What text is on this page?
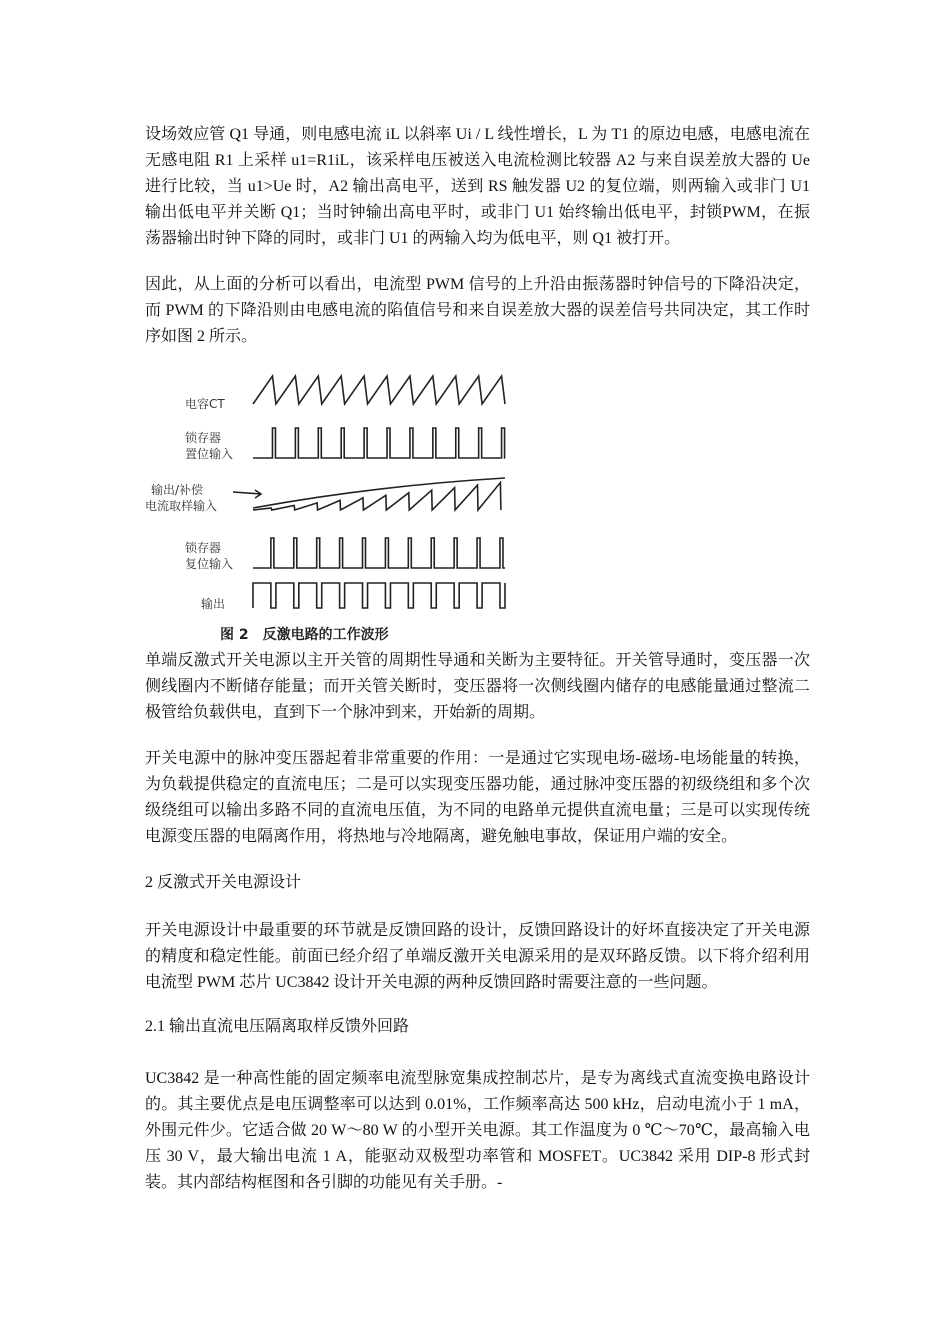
设场效应管 Q1 导通，则电感电流 iL 以斜率 Ui / L 线性增长，L 为 T1 的原边电感，电感电流在无感电阻 R1 上采样 u1=R1iL，该采样电压被送入电流检测比较器 A2 与来自误差放大器的 Ue 进行比较，当 u1>Ue 时，A2 输出高电平，送到 RS 触发器 U2 的复位端，则两输入或非门 U1 输出低电平并关断 Q1；当时钟输出高电平时，或非门 U1 始终输出低电平，封锁PWM，在振荡器输出时钟下降的同时，或非门 U1 的两输入均为低电平，则 Q1 被打开。

因此，从上面的分析可以看出，电流型 PWM 信号的上升沿由振荡器时钟信号的下降沿决定，而 PWM 的下降沿则由电感电流的陷值信号和来自误差放大器的误差信号共同决定，其工作时序如图 2 所示。

电容CT
锁存器
置位输入
输出/补偿
电流取样输入
锁存器
复位输入
输出
图 2　反激电路的工作波形

单端反激式开关电源以主开关管的周期性导通和关断为主要特征。开关管导通时，变压器一次侧线圈内不断储存能量；而开关管关断时，变压器将一次侧线圈内储存的电感能量通过整流二极管给负载供电，直到下一个脉冲到来，开始新的周期。

开关电源中的脉冲变压器起着非常重要的作用：一是通过它实现电场-磁场-电场能量的转换，为负载提供稳定的直流电压；二是可以实现变压器功能，通过脉冲变压器的初级绕组和多个次级绕组可以输出多路不同的直流电压值，为不同的电路单元提供直流电量；三是可以实现传统电源变压器的电隔离作用，将热地与冷地隔离，避免触电事故，保证用户端的安全。

2 反激式开关电源设计

开关电源设计中最重要的环节就是反馈回路的设计，反馈回路设计的好坏直接决定了开关电源的精度和稳定性能。前面已经介绍了单端反激开关电源采用的是双环路反馈。以下将介绍利用电流型 PWM 芯片 UC3842 设计开关电源的两种反馈回路时需要注意的一些问题。

2.1 输出直流电压隔离取样反馈外回路

UC3842 是一种高性能的固定频率电流型脉宽集成控制芯片，是专为离线式直流变换电路设计的。其主要优点是电压调整率可以达到 0.01%，工作频率高达 500 kHz，启动电流小于 1 mA，外围元件少。它适合做 20 W～80 W 的小型开关电源。其工作温度为 0 ℃～70℃，最高输入电压 30 V，最大输出电流 1 A，能驱动双极型功率管和 MOSFET。UC3842 采用 DIP-8 形式封装。其内部结构框图和各引脚的功能见有关手册。-
